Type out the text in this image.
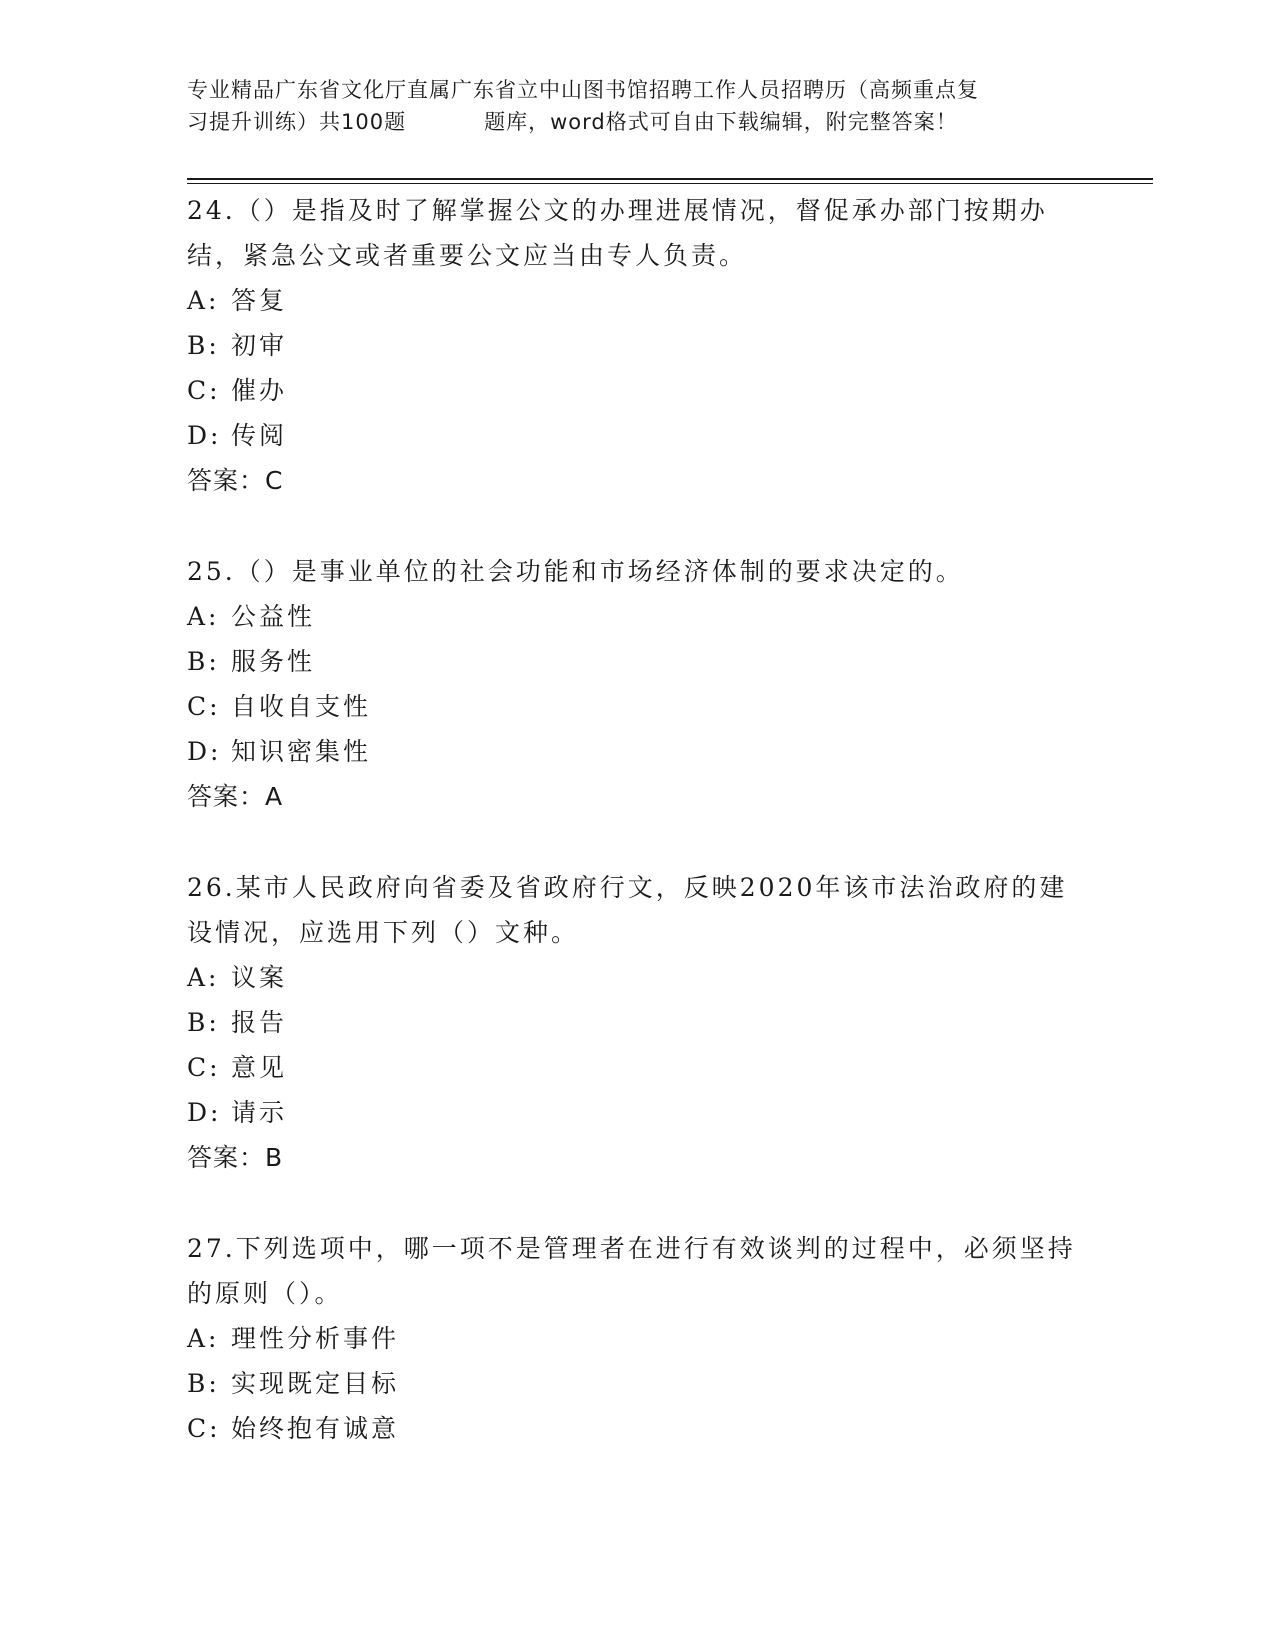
专业精品广东省文化厅直属广东省立中山图书馆招聘工作人员招聘历（高频重点复
习提升训练）共100题	题库，word格式可自由下载编辑，附完整答案！

24.（）是指及时了解掌握公文的办理进展情况，督促承办部门按期办结，紧急公文或者重要公文应当由专人负责。

A: 答复

B: 初审

C: 催办

D: 传阅

答案：C

25.（）是事业单位的社会功能和市场经济体制的要求决定的。

A: 公益性

B: 服务性

C: 自收自支性

D: 知识密集性

答案：A

26.某市人民政府向省委及省政府行文，反映2020年该市法治政府的建设情况，应选用下列（）文种。

A: 议案

B: 报告

C: 意见

D: 请示

答案：B

27.下列选项中，哪一项不是管理者在进行有效谈判的过程中，必须坚持的原则（）。

A: 理性分析事件

B: 实现既定目标

C: 始终抱有诚意
